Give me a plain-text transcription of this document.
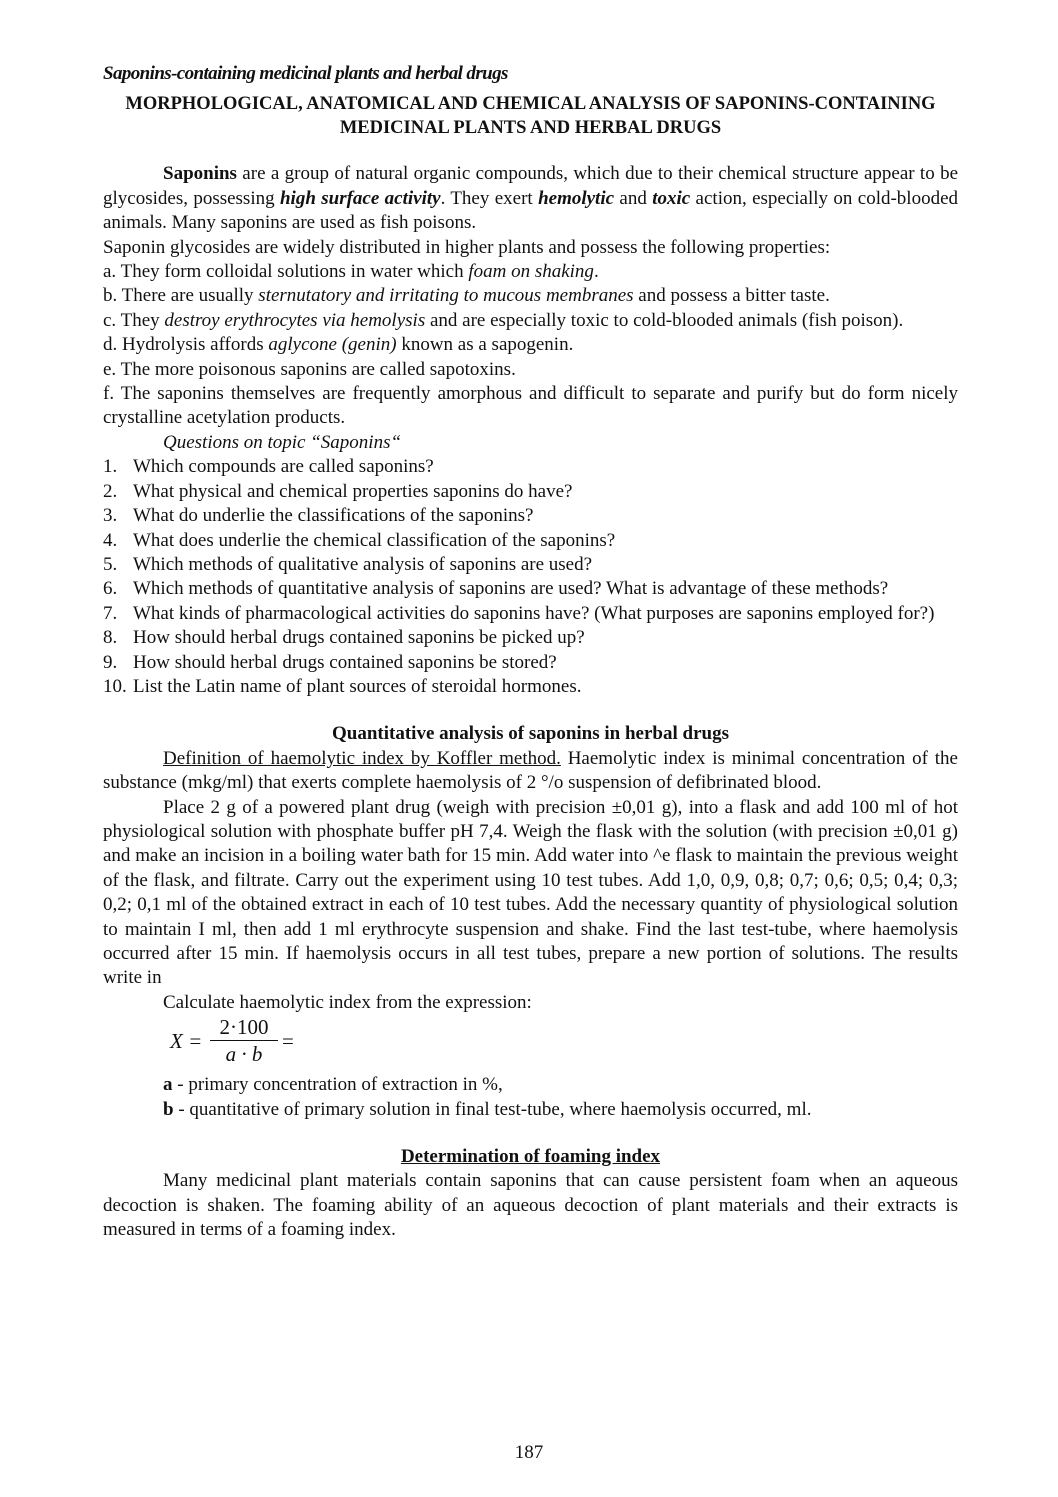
Saponins-containing medicinal plants and herbal drugs
MORPHOLOGICAL, ANATOMICAL AND CHEMICAL ANALYSIS OF SAPONINS-CONTAINING MEDICINAL PLANTS AND HERBAL DRUGS

Saponins are a group of natural organic compounds, which due to their chemical structure appear to be glycosides, possessing high surface activity. They exert hemolytic and toxic action, especially on cold-blooded animals. Many saponins are used as fish poisons.

Saponin glycosides are widely distributed in higher plants and possess the following properties:

a. They form colloidal solutions in water which foam on shaking.

b. There are usually sternutatory and irritating to mucous membranes and possess a bitter taste.

c. They destroy erythrocytes via hemolysis and are especially toxic to cold-blooded animals (fish poison).

d. Hydrolysis affords aglycone (genin) known as a sapogenin.

e. The more poisonous saponins are called sapotoxins.

f. The saponins themselves are frequently amorphous and difficult to separate and purify but do form nicely crystalline acetylation products.

Questions on topic “Saponins“
1. Which compounds are called saponins?
2. What physical and chemical properties saponins do have?
3. What do underlie the classifications of the saponins?
4. What does underlie the chemical classification of the saponins?
5. Which methods of qualitative analysis of saponins are used?
6. Which methods of quantitative analysis of saponins are used? What is advantage of these methods?
7. What kinds of pharmacological activities do saponins have? (What purposes are saponins employed for?)
8. How should herbal drugs contained saponins be picked up?
9. How should herbal drugs contained saponins be stored?
10. List the Latin name of plant sources of steroidal hormones.
Quantitative analysis of saponins in herbal drugs

Definition of haemolytic index by Koffler method. Haemolytic index is minimal concentration of the substance (mkg/ml) that exerts complete haemolysis of 2 °/o suspension of defibrinated blood.

Place 2 g of a powered plant drug (weigh with precision ±0,01 g), into a flask and add 100 ml of hot physiological solution with phosphate buffer pH 7,4. Weigh the flask with the solution (with precision ±0,01 g) and make an incision in a boiling water bath for 15 min. Add water into ^e flask to maintain the previous weight of the flask, and filtrate. Carry out the experiment using 10 test tubes. Add 1,0, 0,9, 0,8; 0,7; 0,6; 0,5; 0,4; 0,3; 0,2; 0,1 ml of the obtained extract in each of 10 test tubes. Add the necessary quantity of physiological solution to maintain I ml, then add 1 ml erythrocyte suspension and shake. Find the last test-tube, where haemolysis occurred after 15 min. If haemolysis occurs in all test tubes, prepare a new portion of solutions. The results write in

Calculate haemolytic index from the expression:

$X = \frac{2\cdot 100}{a \cdot b}$ =

a - primary concentration of extraction in %,

b - quantitative of primary solution in final test-tube, where haemolysis occurred, ml.

Determination of foaming index

Many medicinal plant materials contain saponins that can cause persistent foam when an aqueous decoction is shaken. The foaming ability of an aqueous decoction of plant materials and their extracts is measured in terms of a foaming index.

187
